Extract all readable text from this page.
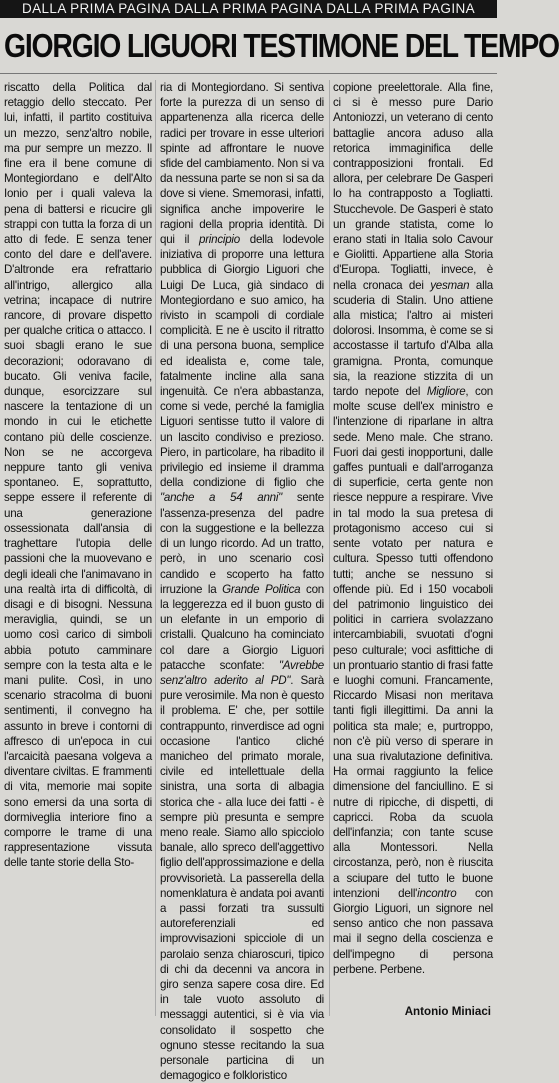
DALLA PRIMA PAGINA DALLA PRIMA PAGINA DALLA PRIMA PAGINA
GIORGIO LIGUORI TESTIMONE DEL TEMPO

riscatto della Politica dal retaggio dello steccato. Per lui, infatti, il partito costituiva un mezzo, senz'altro nobile, ma pur sempre un mezzo. Il fine era il bene comune di Montegiordano e dell'Alto Ionio per i quali valeva la pena di battersi e ricucire gli strappi con tutta la forza di un atto di fede. E senza tener conto del dare e dell'avere. D'altronde era refrattario all'intrigo, allergico alla vetrina; incapace di nutrire rancore, di provare dispetto per qualche critica o attacco. I suoi sbagli erano le sue decorazioni; odoravano di bucato. Gli veniva facile, dunque, esorcizzare sul nascere la tentazione di un mondo in cui le etichette contano più delle coscienze. Non se ne accorgeva neppure tanto gli veniva spontaneo. E, soprattutto, seppe essere il referente di una generazione ossessionata dall'ansia di traghettare l'utopia delle passioni che la muovevano e degli ideali che l'animavano in una realtà irta di difficoltà, di disagi e di bisogni. Nessuna meraviglia, quindi, se un uomo così carico di simboli abbia potuto camminare sempre con la testa alta e le mani pulite. Così, in uno scenario stracolma di buoni sentimenti, il convegno ha assunto in breve i contorni di affresco di un'epoca in cui l'arcaicità paesana volgeva a diventare civiltas. E frammenti di vita, memorie mai sopite sono emersi da una sorta di dormiveglia interiore fino a comporre le trame di una rappresentazione vissuta delle tante storie della Sto-

ria di Montegiordano. Si sentiva forte la purezza di un senso di appartenenza alla ricerca delle radici per trovare in esse ulteriori spinte ad affrontare le nuove sfide del cambiamento. Non si va da nessuna parte se non si sa da dove si viene. Smemorasi, infatti, significa anche impoverire le ragioni della propria identità. Di qui il principio della lodevole iniziativa di proporre una lettura pubblica di Giorgio Liguori che Luigi De Luca, già sindaco di Montegiordano e suo amico, ha rivisto in scampoli di cordiale complicità. E ne è uscito il ritratto di una persona buona, semplice ed idealista e, come tale, fatalmente incline alla sana ingenuità. Ce n'era abbastanza, come si vede, perché la famiglia Liguori sentisse tutto il valore di un lascito condiviso e prezioso. Piero, in particolare, ha ribadito il privilegio ed insieme il dramma della condizione di figlio che "anche a 54 anni" sente l'assenza-presenza del padre con la suggestione e la bellezza di un lungo ricordo. Ad un tratto, però, in uno scenario così candido e scoperto ha fatto irruzione la Grande Politica con la leggerezza ed il buon gusto di un elefante in un emporio di cristalli. Qualcuno ha cominciato col dare a Giorgio Liguori patacche sconfate: "Avrebbe senz'altro aderito al PD". Sarà pure verosimile. Ma non è questo il problema. E' che, per sottile contrappunto, rinverdisce ad ogni occasione l'antico cliché manicheo del primato morale, civile ed intellettuale della sinistra, una sorta di albagia storica che - alla luce dei fatti - è sempre più presunta e sempre meno reale. Siamo allo spicciolo banale, allo spreco dell'aggettivo figlio dell'approssimazione e della provvisorietà. La passerella della nomenklatura è andata poi avanti a passi forzati tra sussulti autoreferenziali ed improvvisazioni spicciole di un parolaio senza chiaroscuri, tipico di chi da decenni va ancora in giro senza sapere cosa dire. Ed in tale vuoto assoluto di messaggi autentici, si è via via consolidato il sospetto che ognuno stesse recitando la sua personale particina di un demagogico e folkloristico

copione preelettorale. Alla fine, ci si è messo pure Dario Antoniozzi, un veterano di cento battaglie ancora aduso alla retorica immaginifica delle contrapposizioni frontali. Ed allora, per celebrare De Gasperi lo ha contrapposto a Togliatti. Stucchevole. De Gasperi è stato un grande statista, come lo erano stati in Italia solo Cavour e Giolitti. Appartiene alla Storia d'Europa. Togliatti, invece, è nella cronaca dei yesman alla scuderia di Stalin. Uno attiene alla mistica; l'altro ai misteri dolorosi. Insomma, è come se si accostasse il tartufo d'Alba alla gramigna. Pronta, comunque sia, la reazione stizzita di un tardo nepote del Migliore, con molte scuse dell'ex ministro e l'intenzione di riparlane in altra sede. Meno male. Che strano. Fuori dai gesti inopportuni, dalle gaffes puntuali e dall'arroganza di superficie, certa gente non riesce neppure a respirare. Vive in tal modo la sua pretesa di protagonismo acceso cui si sente votato per natura e cultura. Spesso tutti offendono tutti; anche se nessuno si offende più. Ed i 150 vocaboli del patrimonio linguistico dei politici in carriera svolazzano intercambiabili, svuotati d'ogni peso culturale; voci asfittiche di un prontuario stantio di frasi fatte e luoghi comuni. Francamente, Riccardo Misasi non meritava tanti figli illegittimi. Da anni la politica sta male; e, purtroppo, non c'è più verso di sperare in una sua rivalutazione definitiva. Ha ormai raggiunto la felice dimensione del fanciullino. E si nutre di ripicche, di dispetti, di capricci. Roba da scuola dell'infanzia; con tante scuse alla Montessori. Nella circostanza, però, non è riuscita a sciupare del tutto le buone intenzioni dell'incontro con Giorgio Liguori, un signore nel senso antico che non passava mai il segno della coscienza e dell'impegno di persona perbene. Perbene.

Antonio Miniaci
